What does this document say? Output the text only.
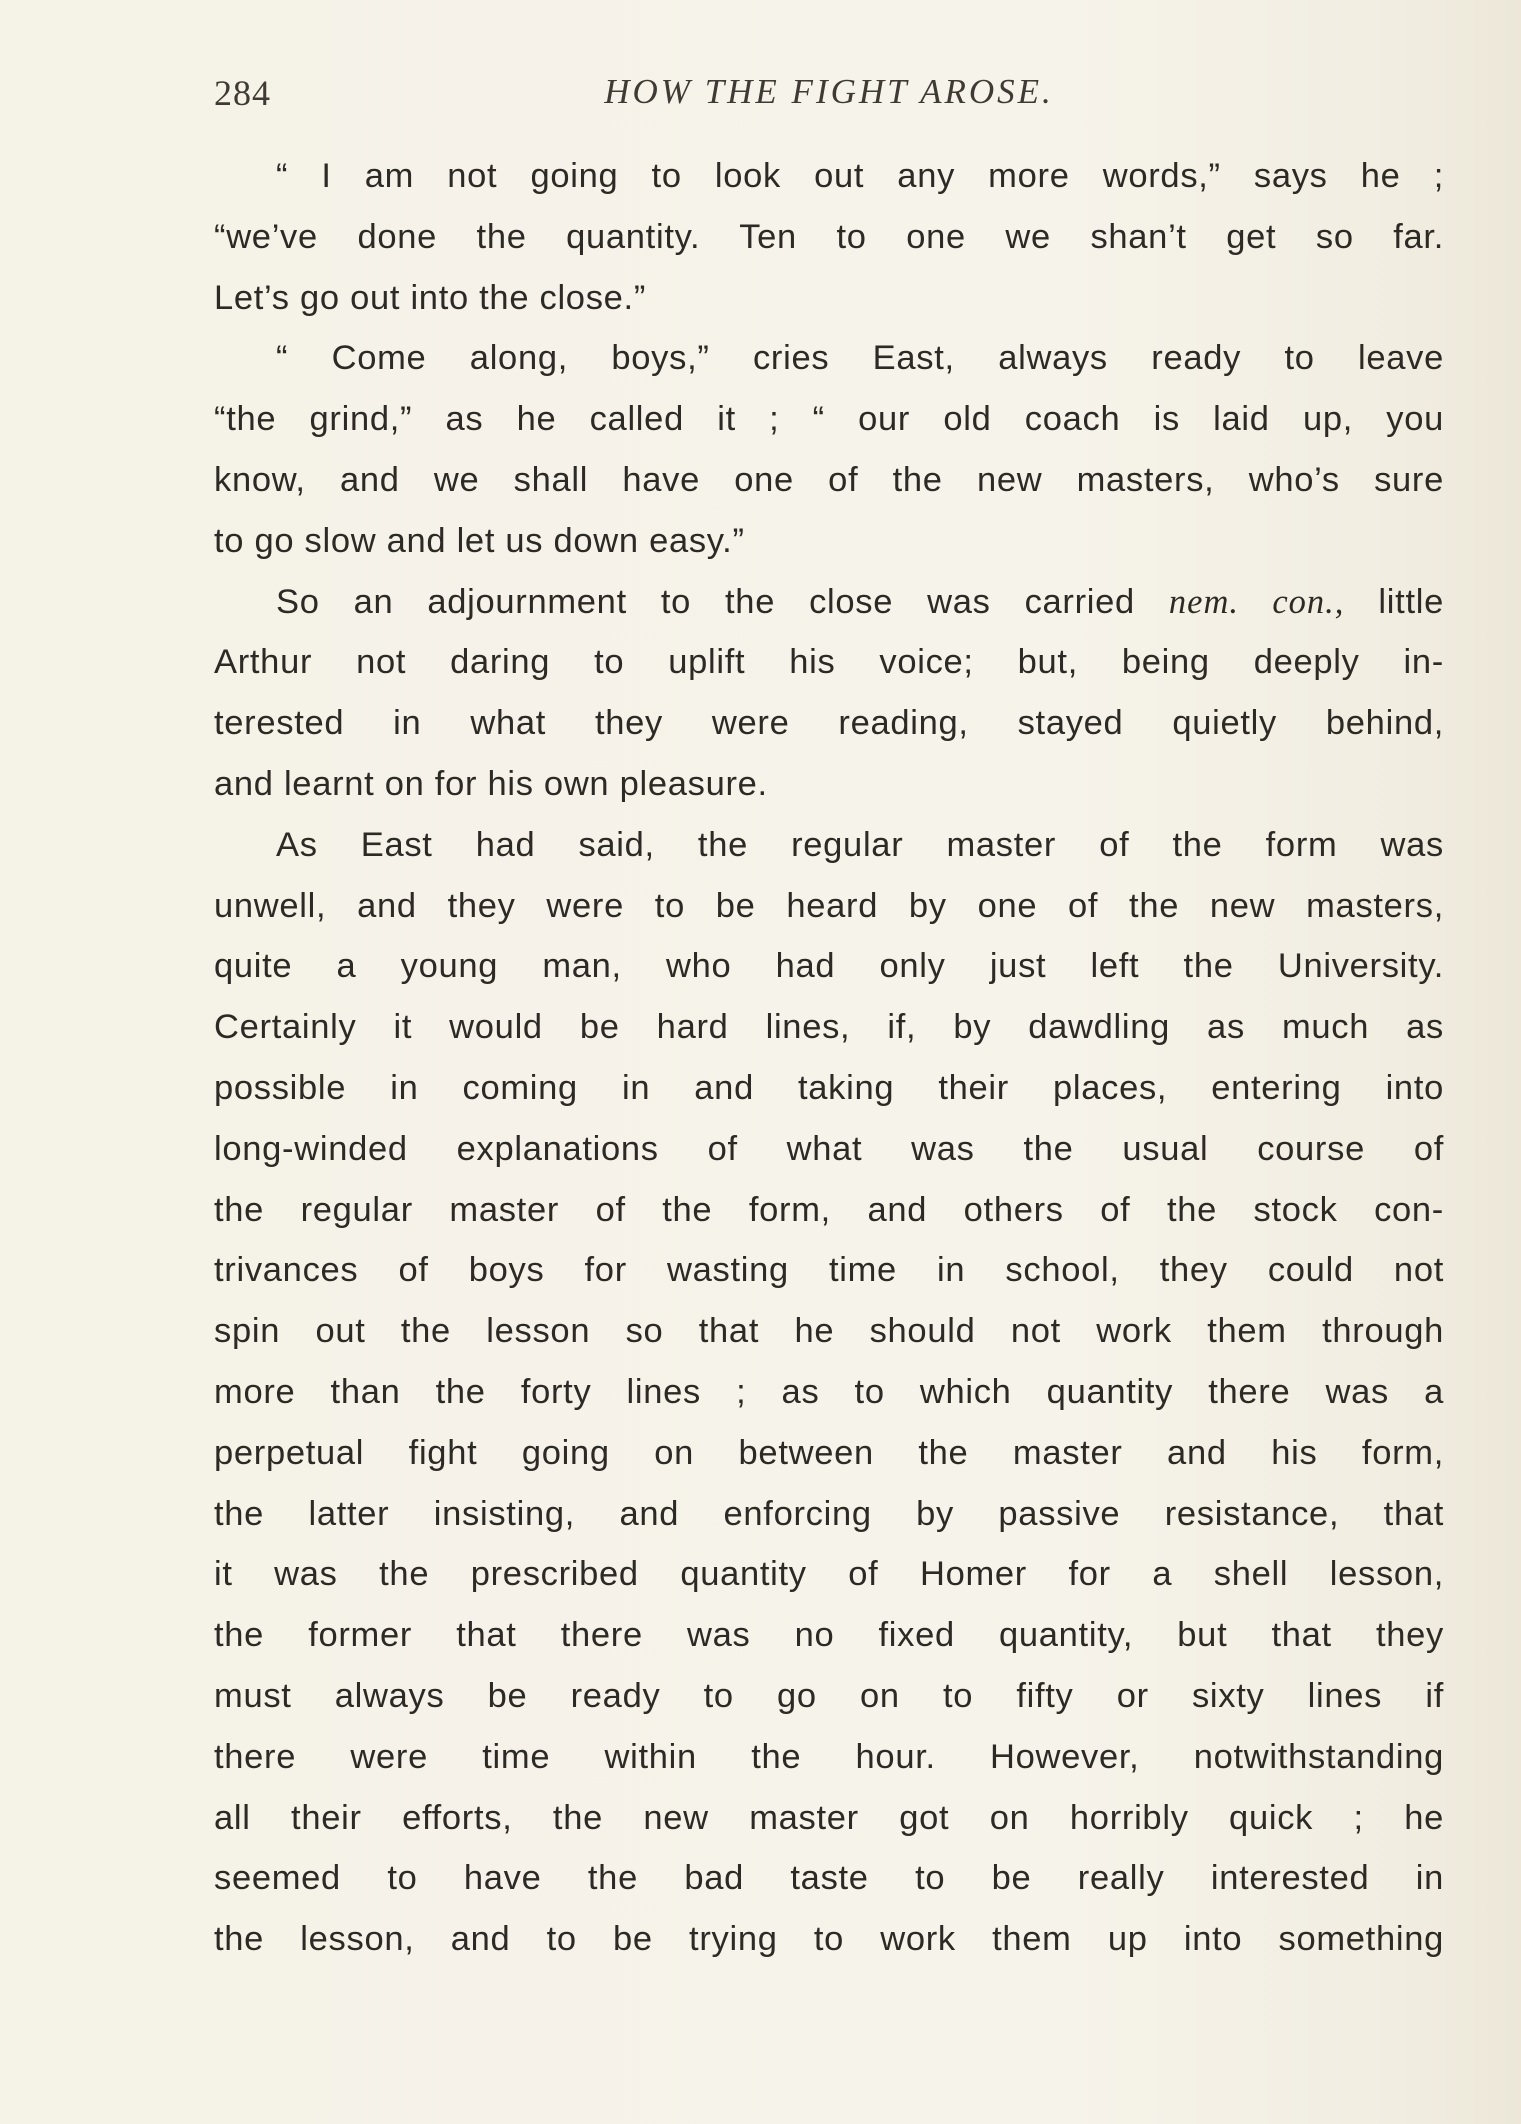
284	HOW THE FIGHT AROSE.
“ I am not going to look out any more words,” says he ;
“we’ve done the quantity. Ten to one we shan’t get so far.
Let’s go out into the close.”
“ Come along, boys,” cries East, always ready to leave
“the grind,” as he called it ; “ our old coach is laid up, you
know, and we shall have one of the new masters, who’s sure
to go slow and let us down easy.”
So an adjournment to the close was carried nem. con., little
Arthur not daring to uplift his voice; but, being deeply in-
terested in what they were reading, stayed quietly behind,
and learnt on for his own pleasure.
As East had said, the regular master of the form was
unwell, and they were to be heard by one of the new masters,
quite a young man, who had only just left the University.
Certainly it would be hard lines, if, by dawdling as much as
possible in coming in and taking their places, entering into
long-winded explanations of what was the usual course of
the regular master of the form, and others of the stock con-
trivances of boys for wasting time in school, they could not
spin out the lesson so that he should not work them through
more than the forty lines ; as to which quantity there was a
perpetual fight going on between the master and his form,
the latter insisting, and enforcing by passive resistance, that
it was the prescribed quantity of Homer for a shell lesson,
the former that there was no fixed quantity, but that they
must always be ready to go on to fifty or sixty lines if
there were time within the hour. However, notwithstanding
all their efforts, the new master got on horribly quick ; he
seemed to have the bad taste to be really interested in
the lesson, and to be trying to work them up into something
